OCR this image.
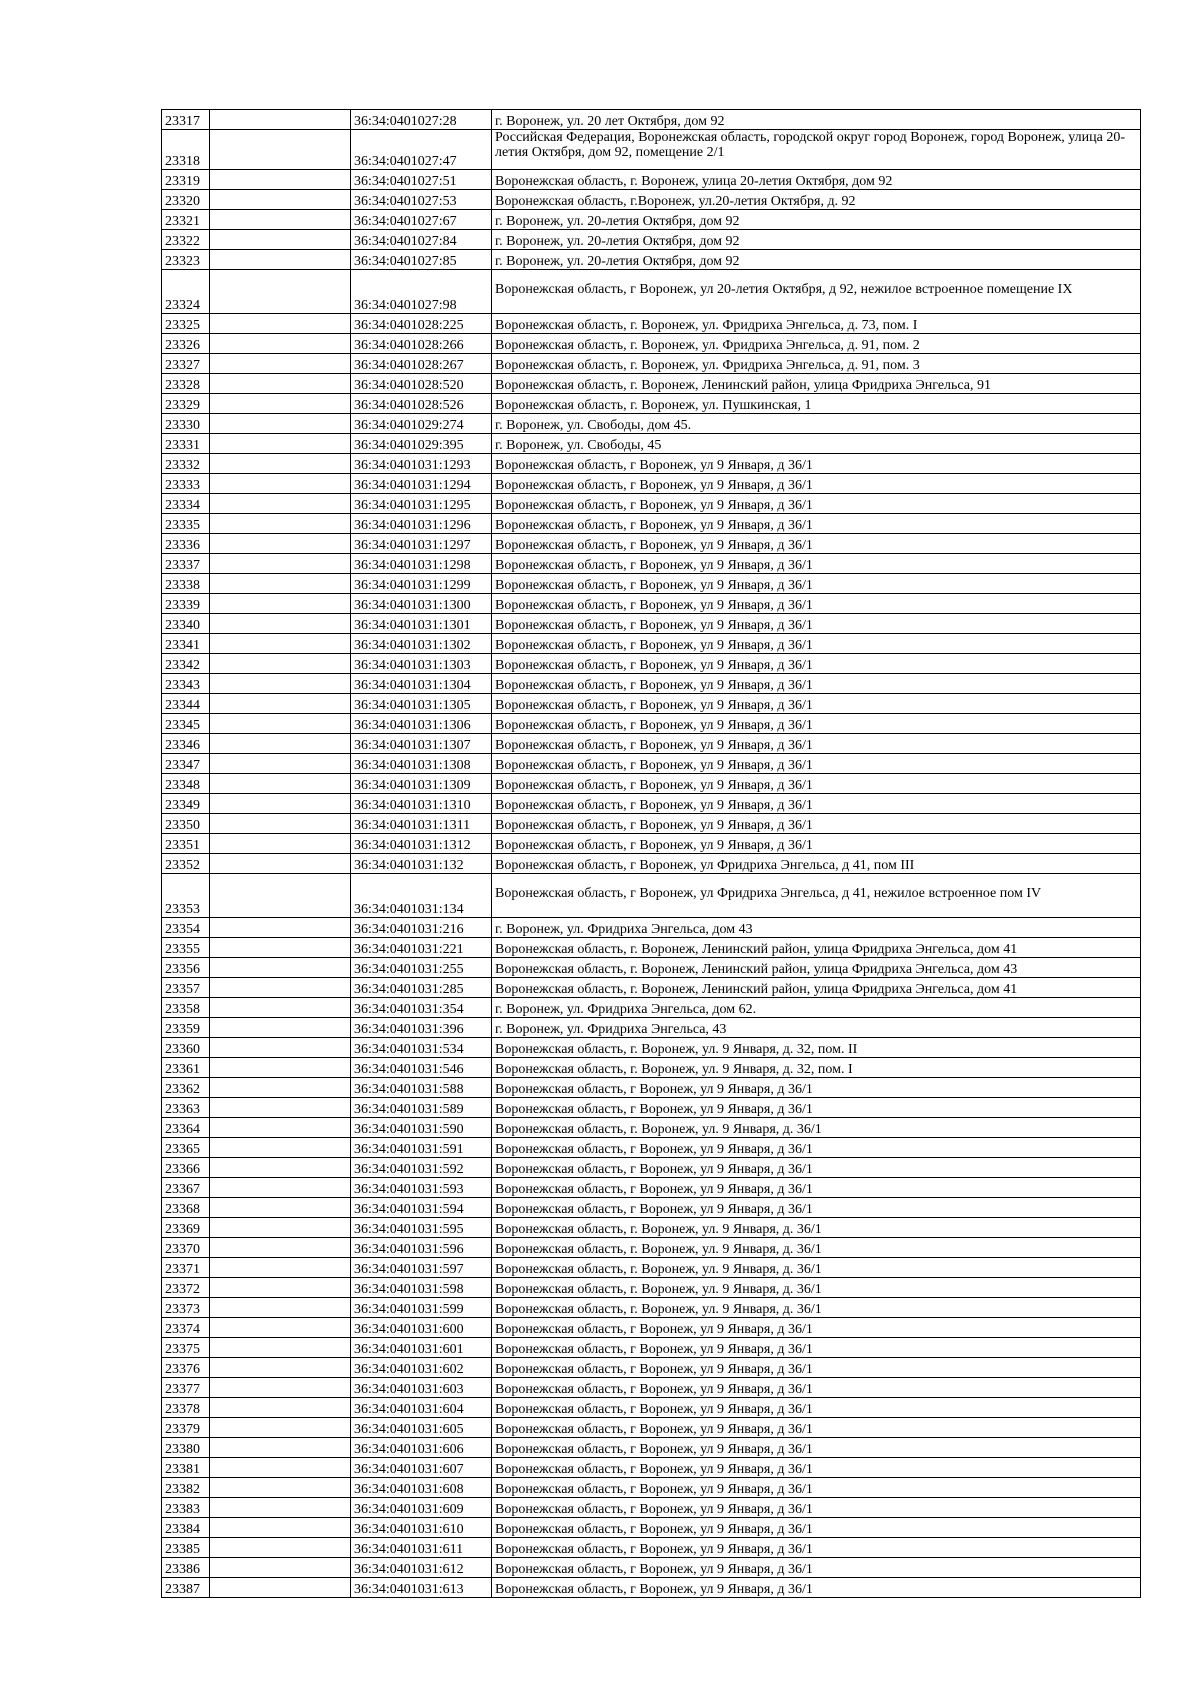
23317		36:34:0401027:28	г. Воронеж, ул. 20 лет Октября, дом 92
23318		36:34:0401027:47	Российская Федерация, Воронежская область, городской округ город Воронеж, город Воронеж, улица 20-летия Октября, дом 92, помещение 2/1
23319		36:34:0401027:51	Воронежская область, г. Воронеж, улица 20-летия Октября, дом 92
23320		36:34:0401027:53	Воронежская область, г.Воронеж, ул.20-летия Октября, д. 92
23321		36:34:0401027:67	г. Воронеж, ул. 20-летия Октября, дом 92
23322		36:34:0401027:84	г. Воронеж, ул. 20-летия Октября, дом 92
23323		36:34:0401027:85	г. Воронеж, ул. 20-летия Октября, дом 92
23324		36:34:0401027:98	Воронежская область, г Воронеж, ул 20-летия Октября, д 92, нежилое встроенное помещение IX
23325		36:34:0401028:225	Воронежская область, г. Воронеж, ул. Фридриха Энгельса, д. 73, пом. I
23326		36:34:0401028:266	Воронежская область, г. Воронеж, ул. Фридриха Энгельса, д. 91, пом. 2
23327		36:34:0401028:267	Воронежская область, г. Воронеж, ул. Фридриха Энгельса, д. 91, пом. 3
23328		36:34:0401028:520	Воронежская область, г. Воронеж, Ленинский район, улица Фридриха Энгельса, 91
23329		36:34:0401028:526	Воронежская область, г. Воронеж, ул. Пушкинская, 1
23330		36:34:0401029:274	г. Воронеж, ул. Свободы, дом 45.
23331		36:34:0401029:395	г. Воронеж, ул. Свободы, 45
23332		36:34:0401031:1293	Воронежская область, г Воронеж, ул 9 Января, д 36/1
23333		36:34:0401031:1294	Воронежская область, г Воронеж, ул 9 Января, д 36/1
23334		36:34:0401031:1295	Воронежская область, г Воронеж, ул 9 Января, д 36/1
23335		36:34:0401031:1296	Воронежская область, г Воронеж, ул 9 Января, д 36/1
23336		36:34:0401031:1297	Воронежская область, г Воронеж, ул 9 Января, д 36/1
23337		36:34:0401031:1298	Воронежская область, г Воронеж, ул 9 Января, д 36/1
23338		36:34:0401031:1299	Воронежская область, г Воронеж, ул 9 Января, д 36/1
23339		36:34:0401031:1300	Воронежская область, г Воронеж, ул 9 Января, д 36/1
23340		36:34:0401031:1301	Воронежская область, г Воронеж, ул 9 Января, д 36/1
23341		36:34:0401031:1302	Воронежская область, г Воронеж, ул 9 Января, д 36/1
23342		36:34:0401031:1303	Воронежская область, г Воронеж, ул 9 Января, д 36/1
23343		36:34:0401031:1304	Воронежская область, г Воронеж, ул 9 Января, д 36/1
23344		36:34:0401031:1305	Воронежская область, г Воронеж, ул 9 Января, д 36/1
23345		36:34:0401031:1306	Воронежская область, г Воронеж, ул 9 Января, д 36/1
23346		36:34:0401031:1307	Воронежская область, г Воронеж, ул 9 Января, д 36/1
23347		36:34:0401031:1308	Воронежская область, г Воронеж, ул 9 Января, д 36/1
23348		36:34:0401031:1309	Воронежская область, г Воронеж, ул 9 Января, д 36/1
23349		36:34:0401031:1310	Воронежская область, г Воронеж, ул 9 Января, д 36/1
23350		36:34:0401031:1311	Воронежская область, г Воронеж, ул 9 Января, д 36/1
23351		36:34:0401031:1312	Воронежская область, г Воронеж, ул 9 Января, д 36/1
23352		36:34:0401031:132	Воронежская область, г Воронеж, ул Фридриха Энгельса, д 41, пом III
23353		36:34:0401031:134	Воронежская область, г Воронеж, ул Фридриха Энгельса, д 41, нежилое встроенное пом IV
23354		36:34:0401031:216	г. Воронеж, ул. Фридриха Энгельса, дом 43
23355		36:34:0401031:221	Воронежская область, г. Воронеж, Ленинский район, улица Фридриха Энгельса, дом 41
23356		36:34:0401031:255	Воронежская область, г. Воронеж, Ленинский район, улица Фридриха Энгельса, дом 43
23357		36:34:0401031:285	Воронежская область, г. Воронеж, Ленинский район, улица Фридриха Энгельса, дом 41
23358		36:34:0401031:354	г. Воронеж, ул. Фридриха Энгельса, дом 62.
23359		36:34:0401031:396	г. Воронеж, ул. Фридриха Энгельса, 43
23360		36:34:0401031:534	Воронежская область, г. Воронеж, ул. 9 Января, д. 32, пом. II
23361		36:34:0401031:546	Воронежская область, г. Воронеж, ул. 9 Января, д. 32, пом. I
23362		36:34:0401031:588	Воронежская область, г Воронеж, ул 9 Января, д 36/1
23363		36:34:0401031:589	Воронежская область, г Воронеж, ул 9 Января, д 36/1
23364		36:34:0401031:590	Воронежская область, г. Воронеж, ул. 9 Января, д. 36/1
23365		36:34:0401031:591	Воронежская область, г Воронеж, ул 9 Января, д 36/1
23366		36:34:0401031:592	Воронежская область, г Воронеж, ул 9 Января, д 36/1
23367		36:34:0401031:593	Воронежская область, г Воронеж, ул 9 Января, д 36/1
23368		36:34:0401031:594	Воронежская область, г Воронеж, ул 9 Января, д 36/1
23369		36:34:0401031:595	Воронежская область, г. Воронеж, ул. 9 Января, д. 36/1
23370		36:34:0401031:596	Воронежская область, г. Воронеж, ул. 9 Января, д. 36/1
23371		36:34:0401031:597	Воронежская область, г. Воронеж, ул. 9 Января, д. 36/1
23372		36:34:0401031:598	Воронежская область, г. Воронеж, ул. 9 Января, д. 36/1
23373		36:34:0401031:599	Воронежская область, г. Воронеж, ул. 9 Января, д. 36/1
23374		36:34:0401031:600	Воронежская область, г Воронеж, ул 9 Января, д 36/1
23375		36:34:0401031:601	Воронежская область, г Воронеж, ул 9 Января, д 36/1
23376		36:34:0401031:602	Воронежская область, г Воронеж, ул 9 Января, д 36/1
23377		36:34:0401031:603	Воронежская область, г Воронеж, ул 9 Января, д 36/1
23378		36:34:0401031:604	Воронежская область, г Воронеж, ул 9 Января, д 36/1
23379		36:34:0401031:605	Воронежская область, г Воронеж, ул 9 Января, д 36/1
23380		36:34:0401031:606	Воронежская область, г Воронеж, ул 9 Января, д 36/1
23381		36:34:0401031:607	Воронежская область, г Воронеж, ул 9 Января, д 36/1
23382		36:34:0401031:608	Воронежская область, г Воронеж, ул 9 Января, д 36/1
23383		36:34:0401031:609	Воронежская область, г Воронеж, ул 9 Января, д 36/1
23384		36:34:0401031:610	Воронежская область, г Воронеж, ул 9 Января, д 36/1
23385		36:34:0401031:611	Воронежская область, г Воронеж, ул 9 Января, д 36/1
23386		36:34:0401031:612	Воронежская область, г Воронеж, ул 9 Января, д 36/1
23387		36:34:0401031:613	Воронежская область, г Воронеж, ул 9 Января, д 36/1
